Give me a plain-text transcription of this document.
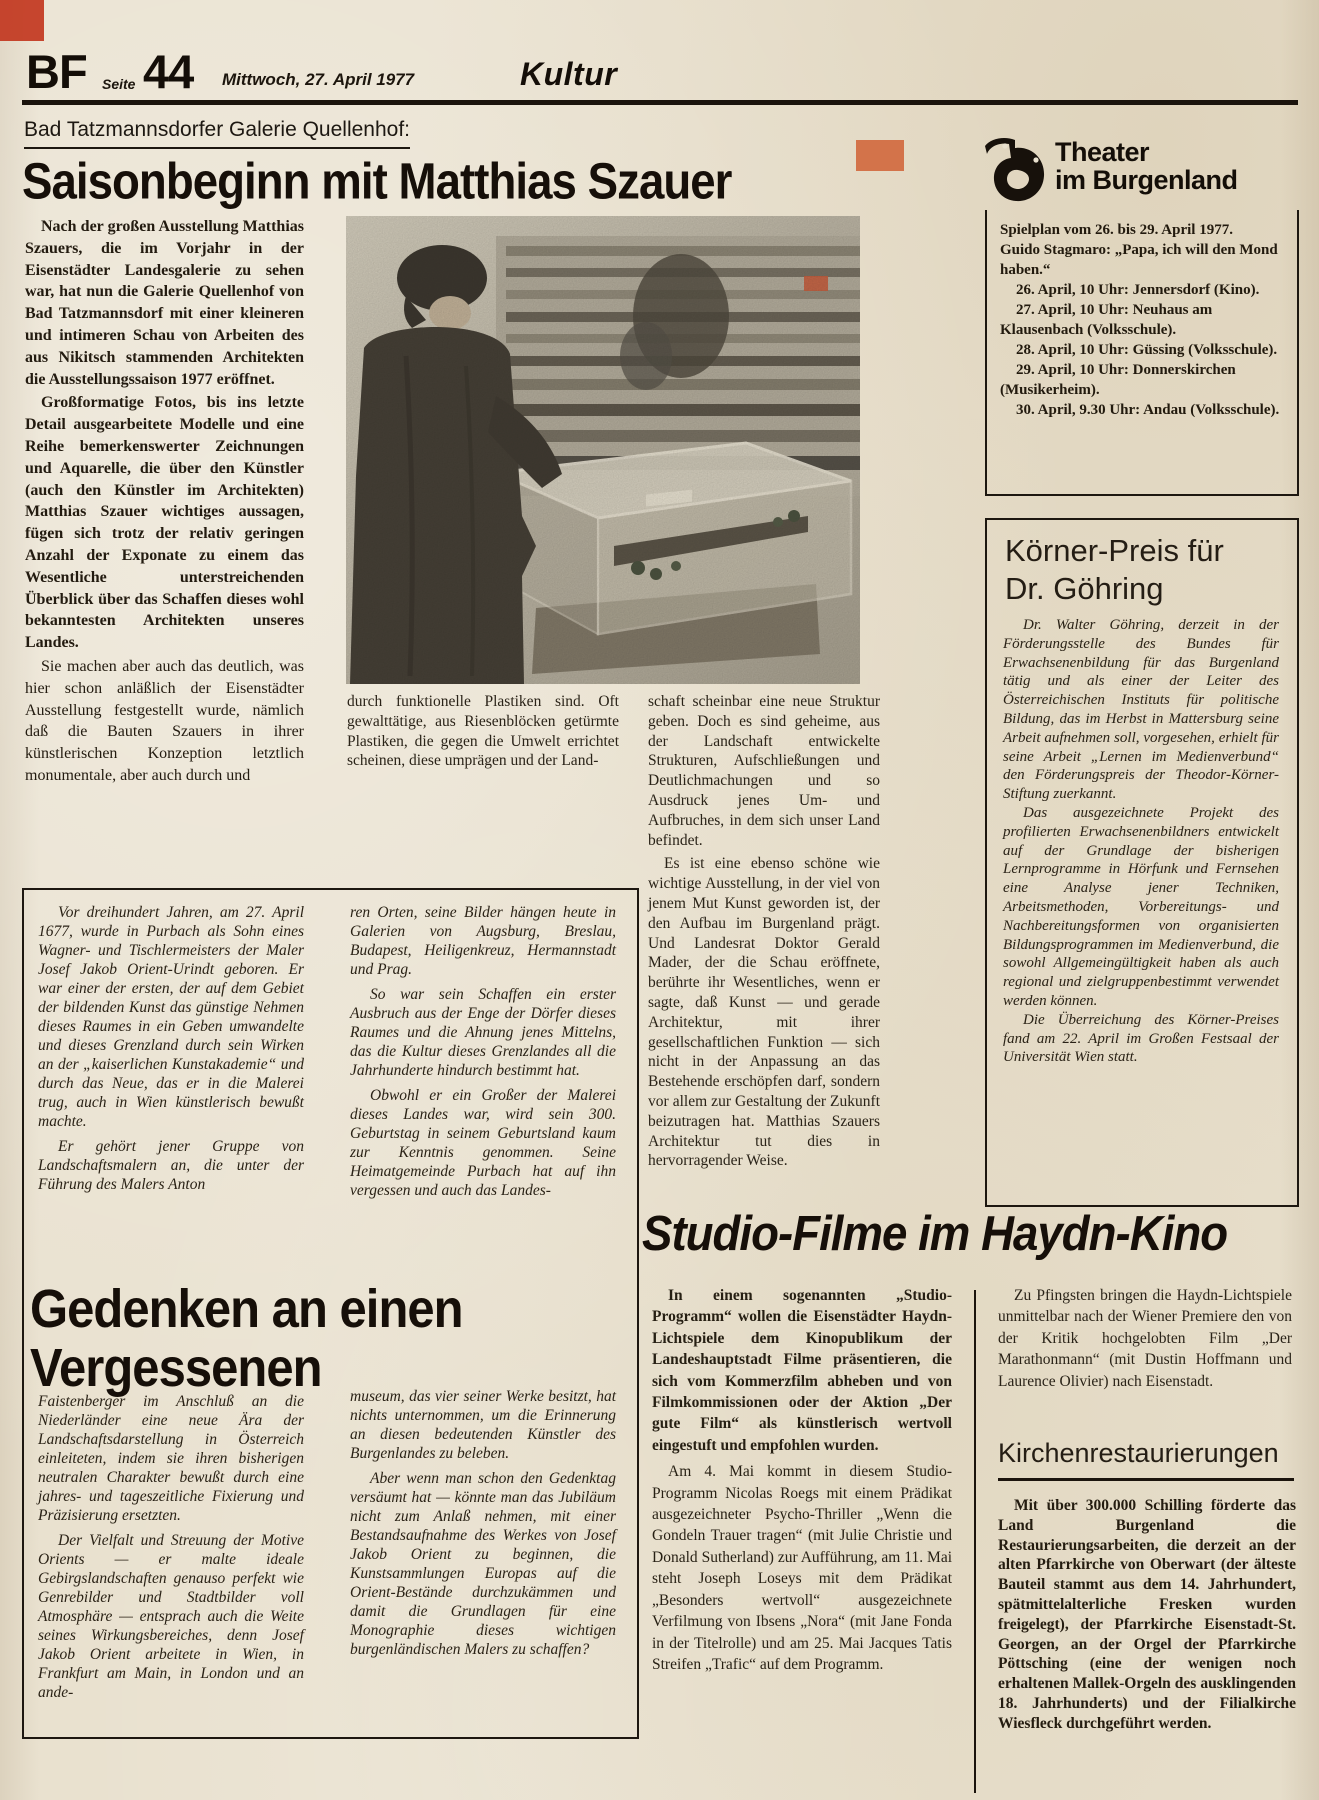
BF Seite 44 Mittwoch, 27. April 1977	Kultur
Bad Tatzmannsdorfer Galerie Quellenhof:
Saisonbeginn mit Matthias Szauer

Nach der großen Ausstellung Matthias Szauers, die im Vorjahr in der Eisenstädter Landesgalerie zu sehen war, hat nun die Galerie Quellenhof von Bad Tatzmannsdorf mit einer kleineren und intimeren Schau von Arbeiten des aus Nikitsch stammenden Architekten die Ausstellungssaison 1977 eröffnet.

Großformatige Fotos, bis ins letzte Detail ausgearbeitete Modelle und eine Reihe bemerkenswerter Zeichnungen und Aquarelle, die über den Künstler (auch den Künstler im Architekten) Matthias Szauer wichtiges aussagen, fügen sich trotz der relativ geringen Anzahl der Exponate zu einem das Wesentliche unterstreichenden Überblick über das Schaffen dieses wohl bekanntesten Architekten unseres Landes.

Sie machen aber auch das deutlich, was hier schon anläßlich der Eisenstädter Ausstellung festgestellt wurde, nämlich daß die Bauten Szauers in ihrer künstlerischen Konzeption letztlich monumentale, aber auch durch und

durch funktionelle Plastiken sind. Oft gewalttätige, aus Riesenblöcken getürmte Plastiken, die gegen die Umwelt errichtet scheinen, diese umprägen und der Land-

schaft scheinbar eine neue Struktur geben. Doch es sind geheime, aus der Landschaft entwickelte Strukturen, Aufschließungen und Deutlichmachungen und so Ausdruck jenes Um- und Aufbruches, in dem sich unser Land befindet.

Es ist eine ebenso schöne wie wichtige Ausstellung, in der viel von jenem Mut Kunst geworden ist, der den Aufbau im Burgenland prägt. Und Landesrat Doktor Gerald Mader, der die Schau eröffnete, berührte ihr Wesentliches, wenn er sagte, daß Kunst — und gerade Architektur, mit ihrer gesellschaftlichen Funktion — sich nicht in der Anpassung an das Bestehende erschöpfen darf, sondern vor allem zur Gestaltung der Zukunft beizutragen hat. Matthias Szauers Architektur tut dies in hervorragender Weise.

Theater
im Burgenland

Spielplan vom 26. bis 29. April 1977.

Guido Stagmaro: „Papa, ich will den Mond haben.“

26. April, 10 Uhr: Jennersdorf (Kino).

27. April, 10 Uhr: Neuhaus am Klausenbach (Volksschule).

28. April, 10 Uhr: Güssing (Volksschule).

29. April, 10 Uhr: Donnerskirchen (Musikerheim).

30. April, 9.30 Uhr: Andau (Volksschule).

Körner-Preis für
Dr. Göhring

Dr. Walter Göhring, derzeit in der Förderungsstelle des Bundes für Erwachsenenbildung für das Burgenland tätig und als einer der Leiter des Österreichischen Instituts für politische Bildung, das im Herbst in Mattersburg seine Arbeit aufnehmen soll, vorgesehen, erhielt für seine Arbeit „Lernen im Medienverbund“ den Förderungspreis der Theodor-Körner-Stiftung zuerkannt.

Das ausgezeichnete Projekt des profilierten Erwachsenenbildners entwickelt auf der Grundlage der bisherigen Lernprogramme in Hörfunk und Fernsehen eine Analyse jener Techniken, Arbeitsmethoden, Vorbereitungs- und Nachbereitungsformen von organisierten Bildungsprogrammen im Medienverbund, die sowohl Allgemeingültigkeit haben als auch regional und zielgruppenbestimmt verwendet werden können.

Die Überreichung des Körner-Preises fand am 22. April im Großen Festsaal der Universität Wien statt.

Vor dreihundert Jahren, am 27. April 1677, wurde in Purbach als Sohn eines Wagner- und Tischlermeisters der Maler Josef Jakob Orient-Urindt geboren. Er war einer der ersten, der auf dem Gebiet der bildenden Kunst das günstige Nehmen dieses Raumes in ein Geben umwandelte und dieses Grenzland durch sein Wirken an der „kaiserlichen Kunstakademie“ und durch das Neue, das er in die Malerei trug, auch in Wien künstlerisch bewußt machte.

Er gehört jener Gruppe von Landschaftsmalern an, die unter der Führung des Malers Anton

ren Orten, seine Bilder hängen heute in Galerien von Augsburg, Breslau, Budapest, Heiligenkreuz, Hermannstadt und Prag.

So war sein Schaffen ein erster Ausbruch aus der Enge der Dörfer dieses Raumes und die Ahnung jenes Mittelns, das die Kultur dieses Grenzlandes all die Jahrhunderte hindurch bestimmt hat.

Obwohl er ein Großer der Malerei dieses Landes war, wird sein 300. Geburtstag in seinem Geburtsland kaum zur Kenntnis genommen. Seine Heimatgemeinde Purbach hat auf ihn vergessen und auch das Landes-

Gedenken an einen Vergessenen

Faistenberger im Anschluß an die Niederländer eine neue Ära der Landschaftsdarstellung in Österreich einleiteten, indem sie ihren bisherigen neutralen Charakter bewußt durch eine jahres- und tageszeitliche Fixierung und Präzisierung ersetzten.

Der Vielfalt und Streuung der Motive Orients — er malte ideale Gebirgslandschaften genauso perfekt wie Genrebilder und Stadtbilder voll Atmosphäre — entsprach auch die Weite seines Wirkungsbereiches, denn Josef Jakob Orient arbeitete in Wien, in Frankfurt am Main, in London und an ande-

museum, das vier seiner Werke besitzt, hat nichts unternommen, um die Erinnerung an diesen bedeutenden Künstler des Burgenlandes zu beleben.

Aber wenn man schon den Gedenktag versäumt hat — könnte man das Jubiläum nicht zum Anlaß nehmen, mit einer Bestandsaufnahme des Werkes von Josef Jakob Orient zu beginnen, die Kunstsammlungen Europas auf die Orient-Bestände durchzukämmen und damit die Grundlagen für eine Monographie dieses wichtigen burgenländischen Malers zu schaffen?

Studio-Filme im Haydn-Kino

In einem sogenannten „Studio-Programm“ wollen die Eisenstädter Haydn-Lichtspiele dem Kinopublikum der Landeshauptstadt Filme präsentieren, die sich vom Kommerzfilm abheben und von Filmkommissionen oder der Aktion „Der gute Film“ als künstlerisch wertvoll eingestuft und empfohlen wurden.

Am 4. Mai kommt in diesem Studio-Programm Nicolas Roegs mit einem Prädikat ausgezeichneter Psycho-Thriller „Wenn die Gondeln Trauer tragen“ (mit Julie Christie und Donald Sutherland) zur Aufführung, am 11. Mai steht Joseph Loseys mit dem Prädikat „Besonders wertvoll“ ausgezeichnete Verfilmung von Ibsens „Nora“ (mit Jane Fonda in der Titelrolle) und am 25. Mai Jacques Tatis Streifen „Trafic“ auf dem Programm.

Zu Pfingsten bringen die Haydn-Lichtspiele unmittelbar nach der Wiener Premiere den von der Kritik hochgelobten Film „Der Marathonmann“ (mit Dustin Hoffmann und Laurence Olivier) nach Eisenstadt.

Kirchenrestaurierungen

Mit über 300.000 Schilling förderte das Land Burgenland die Restaurierungsarbeiten, die derzeit an der alten Pfarrkirche von Oberwart (der älteste Bauteil stammt aus dem 14. Jahrhundert, spätmittelalterliche Fresken wurden freigelegt), der Pfarrkirche Eisenstadt-St. Georgen, an der Orgel der Pfarrkirche Pöttsching (eine der wenigen noch erhaltenen Mallek-Orgeln des ausklingenden 18. Jahrhunderts) und der Filialkirche Wiesfleck durchgeführt werden.
